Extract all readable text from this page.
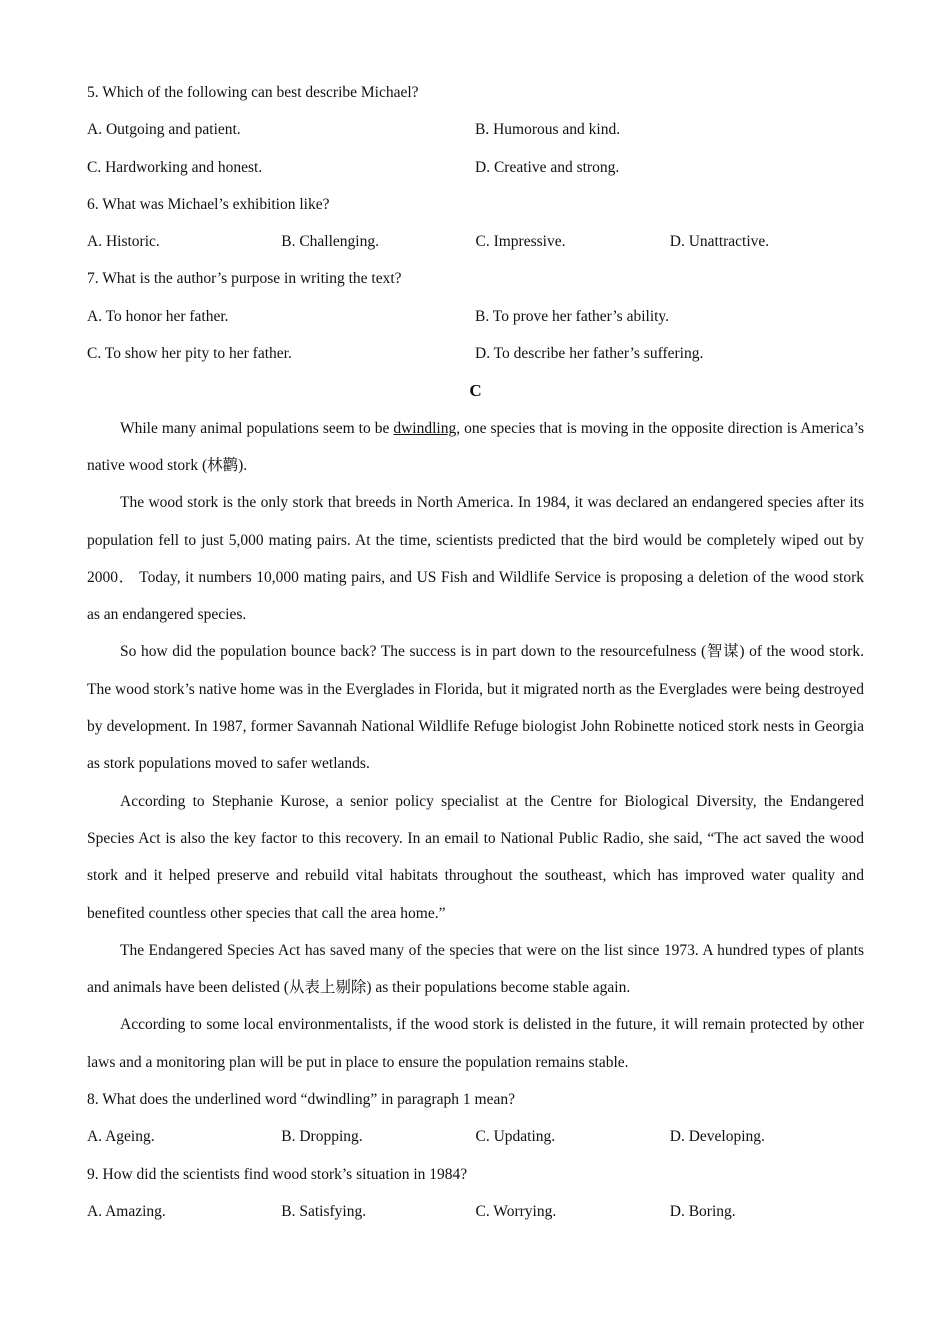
5. Which of the following can best describe Michael?
A. Outgoing and patient.	B. Humorous and kind.
C. Hardworking and honest.	D. Creative and strong.
6. What was Michael’s exhibition like?
A. Historic.	B. Challenging.	C. Impressive.	D. Unattractive.
7. What is the author’s purpose in writing the text?
A. To honor her father.	B. To prove her father’s ability.
C. To show her pity to her father.	D. To describe her father’s suffering.
C

While many animal populations seem to be dwindling, one species that is moving in the opposite direction is America’s native wood stork (林鹳).

The wood stork is the only stork that breeds in North America. In 1984, it was declared an endangered species after its population fell to just 5,000 mating pairs. At the time, scientists predicted that the bird would be completely wiped out by 2000． Today, it numbers 10,000 mating pairs, and US Fish and Wildlife Service is proposing a deletion of the wood stork as an endangered species.

So how did the population bounce back? The success is in part down to the resourcefulness (智谋) of the wood stork. The wood stork’s native home was in the Everglades in Florida, but it migrated north as the Everglades were being destroyed by development. In 1987, former Savannah National Wildlife Refuge biologist John Robinette noticed stork nests in Georgia as stork populations moved to safer wetlands.

According to Stephanie Kurose, a senior policy specialist at the Centre for Biological Diversity, the Endangered Species Act is also the key factor to this recovery. In an email to National Public Radio, she said, “The act saved the wood stork and it helped preserve and rebuild vital habitats throughout the southeast, which has improved water quality and benefited countless other species that call the area home.”

The Endangered Species Act has saved many of the species that were on the list since 1973. A hundred types of plants and animals have been delisted (从表上剔除) as their populations become stable again.

According to some local environmentalists, if the wood stork is delisted in the future, it will remain protected by other laws and a monitoring plan will be put in place to ensure the population remains stable.

8. What does the underlined word “dwindling” in paragraph 1 mean?
A. Ageing.	B. Dropping.	C. Updating.	D. Developing.
9. How did the scientists find wood stork’s situation in 1984?
A. Amazing.	B. Satisfying.	C. Worrying.	D. Boring.
